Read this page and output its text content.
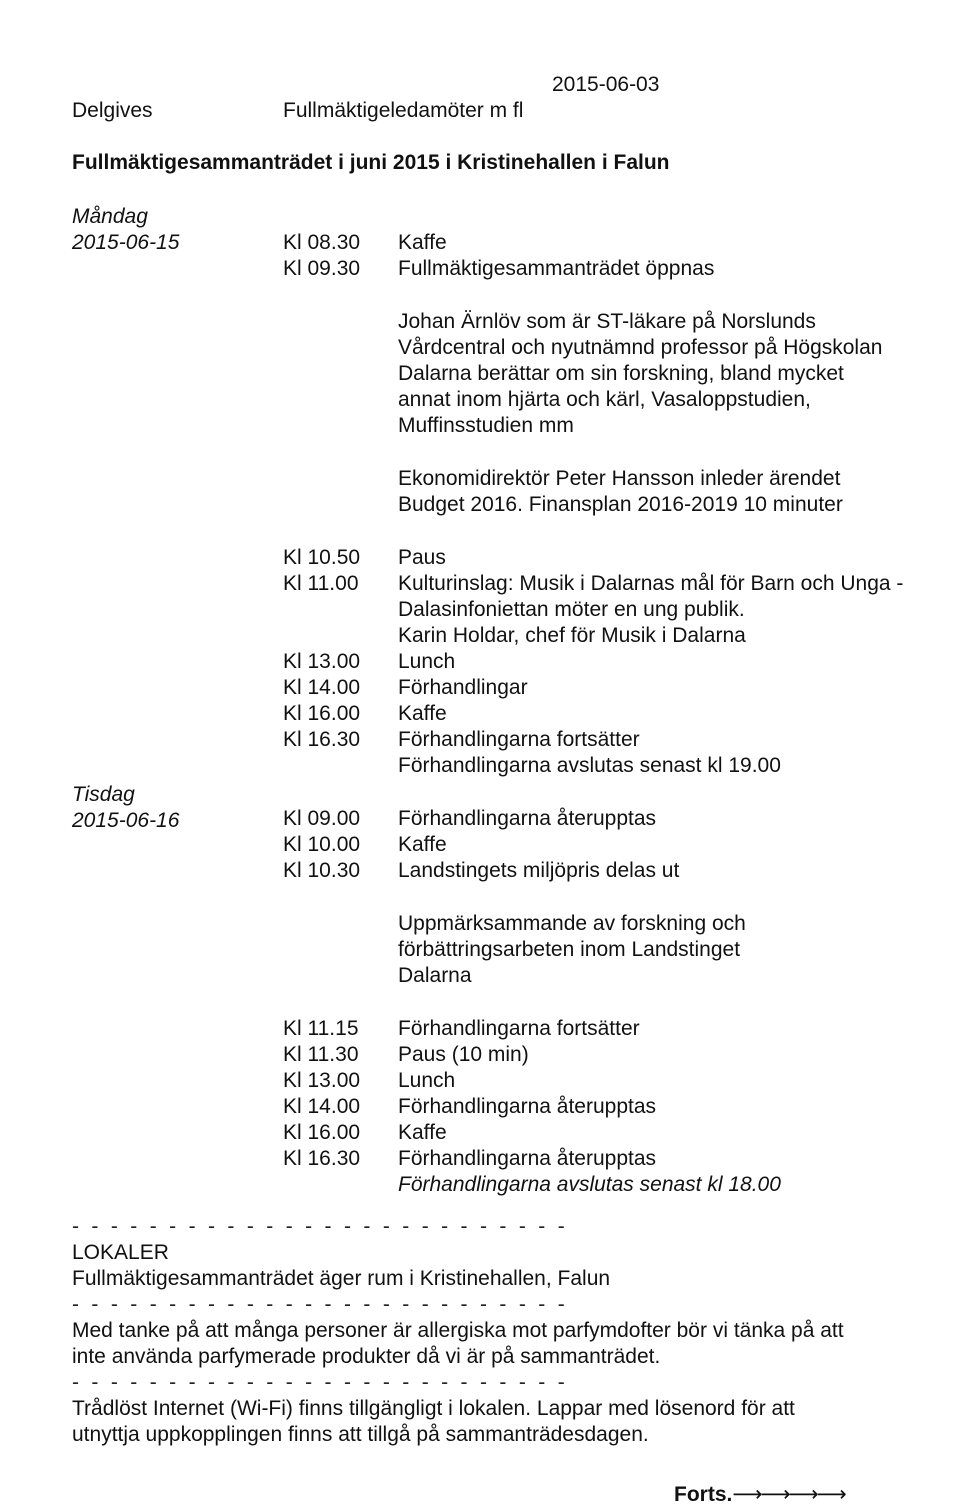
2015-06-03
Delgives	Fullmäktigeledamöter m fl
Fullmäktigesammanträdet i juni 2015 i Kristinehallen i Falun
Måndag
2015-06-15
Tisdag
2015-06-16
Kl 08.30 Kaffe
Kl 09.30 Fullmäktigesammanträdet öppnas
Johan Ärnlöv som är ST-läkare på Norslunds
Vårdcentral och nyutnämnd professor på Högskolan
Dalarna berättar om sin forskning, bland mycket
annat inom hjärta och kärl, Vasaloppstudien,
Muffinsstudien mm
Ekonomidirektör Peter Hansson inleder ärendet
Budget 2016. Finansplan 2016-2019 10 minuter
Kl 10.50 Paus
Kl 11.00 Kulturinslag: Musik i Dalarnas mål för Barn och Unga -
Dalasinfoniettan möter en ung publik.
Karin Holdar, chef för Musik i Dalarna
Kl 13.00 Lunch
Kl 14.00 Förhandlingar
Kl 16.00 Kaffe
Kl 16.30 Förhandlingarna fortsätter
Förhandlingarna avslutas senast kl 19.00
Kl 09.00 Förhandlingarna återupptas
Kl 10.00 Kaffe
Kl 10.30 Landstingets miljöpris delas ut
Uppmärksammande av forskning och
förbättringsarbeten inom Landstinget
Dalarna
Kl 11.15 Förhandlingarna fortsätter
Kl 11.30 Paus (10 min)
Kl 13.00 Lunch
Kl 14.00 Förhandlingarna återupptas
Kl 16.00 Kaffe
Kl 16.30 Förhandlingarna återupptas
Förhandlingarna avslutas senast kl 18.00
- - - - - - - - - - - - - - - - - - - - - - - - - -
LOKALER
Fullmäktigesammanträdet äger rum i Kristinehallen, Falun
- - - - - - - - - - - - - - - - - - - - - - - - - -
Med tanke på att många personer är allergiska mot parfymdofter bör vi tänka på att
inte använda parfymerade produkter då vi är på sammanträdet.
- - - - - - - - - - - - - - - - - - - - - - - - - -
Trådlöst Internet (Wi-Fi) finns tillgängligt i lokalen. Lappar med lösenord för att
utnyttja uppkopplingen finns att tillgå på sammanträdesdagen.
Forts.⟶⟶⟶⟶
